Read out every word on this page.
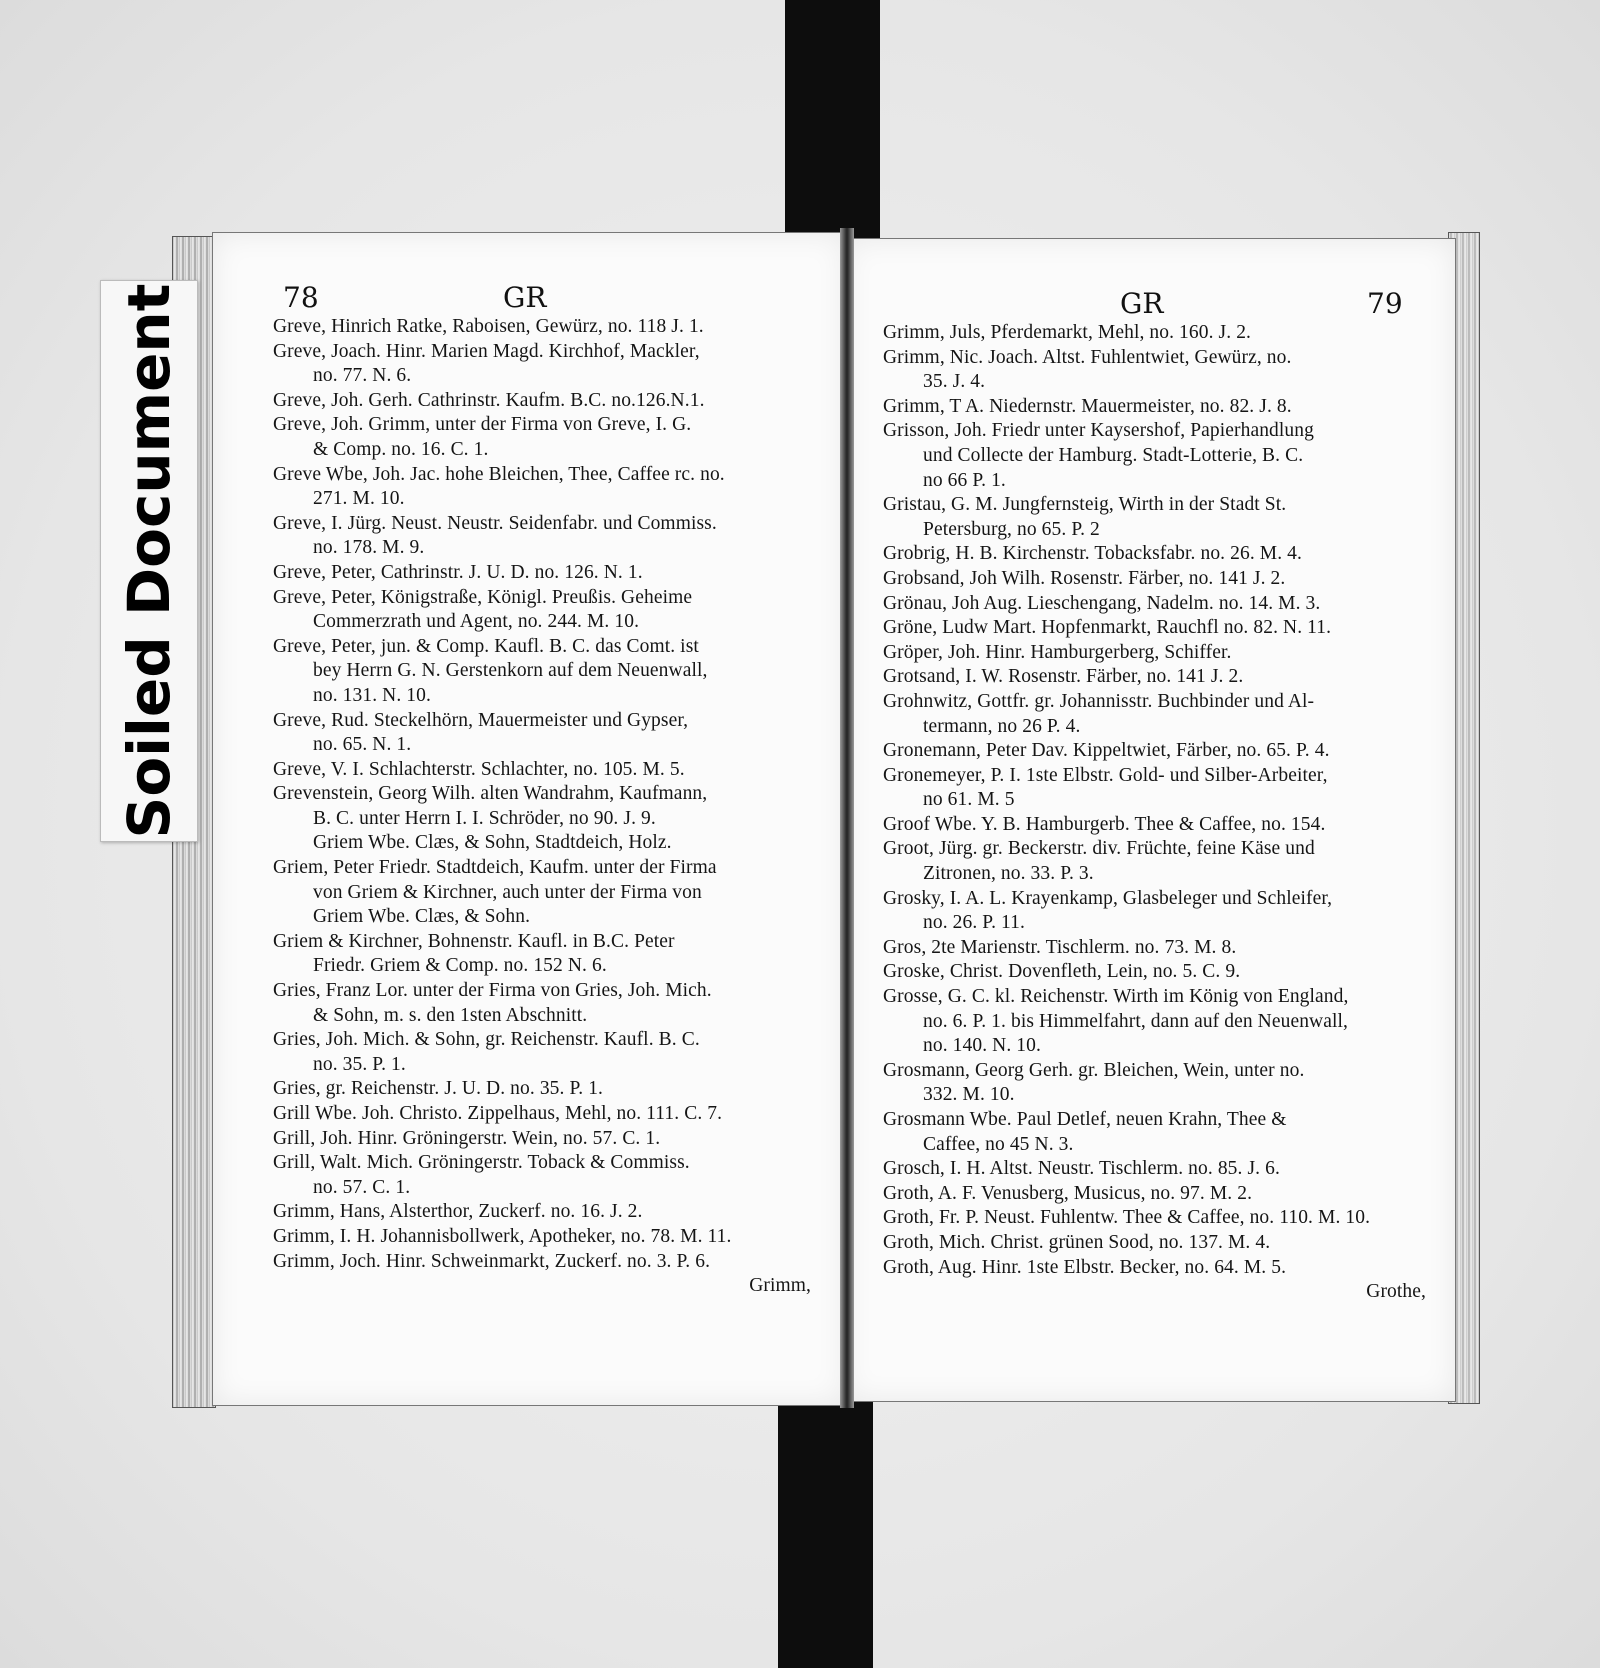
78	GR
Greve, Hinrich Ratke, Raboisen, Gewürz, no. 118 J. 1.
Greve, Joach. Hinr. Marien Magd. Kirchhof, Mackler,
no. 77. N. 6.
Greve, Joh. Gerh. Cathrinstr. Kaufm. B.C. no.126.N.1.
Greve, Joh. Grimm, unter der Firma von Greve, I. G.
& Comp. no. 16. C. 1.
Greve Wbe, Joh. Jac. hohe Bleichen, Thee, Caffee rc. no.
271. M. 10.
Greve, I. Jürg. Neust. Neustr. Seidenfabr. und Commiss.
no. 178. M. 9.
Greve, Peter, Cathrinstr. J. U. D. no. 126. N. 1.
Greve, Peter, Königstraße, Königl. Preußis. Geheime
Commerzrath und Agent, no. 244. M. 10.
Greve, Peter, jun. & Comp. Kaufl. B. C. das Comt. ist
bey Herrn G. N. Gerstenkorn auf dem Neuenwall,
no. 131. N. 10.
Greve, Rud. Steckelhörn, Mauermeister und Gypser,
no. 65. N. 1.
Greve, V. I. Schlachterstr. Schlachter, no. 105. M. 5.
Grevenstein, Georg Wilh. alten Wandrahm, Kaufmann,
B. C. unter Herrn I. I. Schröder, no 90. J. 9.
Griem Wbe. Clæs, & Sohn, Stadtdeich, Holz.
Griem, Peter Friedr. Stadtdeich, Kaufm. unter der Firma
von Griem & Kirchner, auch unter der Firma von
Griem Wbe. Clæs, & Sohn.
Griem & Kirchner, Bohnenstr. Kaufl. in B.C. Peter
Friedr. Griem & Comp. no. 152 N. 6.
Gries, Franz Lor. unter der Firma von Gries, Joh. Mich.
& Sohn, m. s. den 1sten Abschnitt.
Gries, Joh. Mich. & Sohn, gr. Reichenstr. Kaufl. B. C.
no. 35. P. 1.
Gries, gr. Reichenstr. J. U. D. no. 35. P. 1.
Grill Wbe. Joh. Christo. Zippelhaus, Mehl, no. 111. C. 7.
Grill, Joh. Hinr. Gröningerstr. Wein, no. 57. C. 1.
Grill, Walt. Mich. Gröningerstr. Toback & Commiss.
no. 57. C. 1.
Grimm, Hans, Alsterthor, Zuckerf. no. 16. J. 2.
Grimm, I. H. Johannisbollwerk, Apotheker, no. 78. M. 11.
Grimm, Joch. Hinr. Schweinmarkt, Zuckerf. no. 3. P. 6.
Grimm,
GR	79
Grimm, Juls, Pferdemarkt, Mehl, no. 160. J. 2.
Grimm, Nic. Joach. Altst. Fuhlentwiet, Gewürz, no.
35. J. 4.
Grimm, T A. Niedernstr. Mauermeister, no. 82. J. 8.
Grisson, Joh. Friedr unter Kaysershof, Papierhandlung
und Collecte der Hamburg. Stadt-Lotterie, B. C.
no 66 P. 1.
Gristau, G. M. Jungfernsteig, Wirth in der Stadt St.
Petersburg, no 65. P. 2
Grobrig, H. B. Kirchenstr. Tobacksfabr. no. 26. M. 4.
Grobsand, Joh Wilh. Rosenstr. Färber, no. 141 J. 2.
Grönau, Joh Aug. Lieschengang, Nadelm. no. 14. M. 3.
Gröne, Ludw Mart. Hopfenmarkt, Rauchfl no. 82. N. 11.
Gröper, Joh. Hinr. Hamburgerberg, Schiffer.
Grotsand, I. W. Rosenstr. Färber, no. 141 J. 2.
Grohnwitz, Gottfr. gr. Johannisstr. Buchbinder und Al-
termann, no 26 P. 4.
Gronemann, Peter Dav. Kippeltwiet, Färber, no. 65. P. 4.
Gronemeyer, P. I. 1ste Elbstr. Gold- und Silber-Arbeiter,
no 61. M. 5
Groof Wbe. Y. B. Hamburgerb. Thee & Caffee, no. 154.
Groot, Jürg. gr. Beckerstr. div. Früchte, feine Käse und
Zitronen, no. 33. P. 3.
Grosky, I. A. L. Krayenkamp, Glasbeleger und Schleifer,
no. 26. P. 11.
Gros, 2te Marienstr. Tischlerm. no. 73. M. 8.
Groske, Christ. Dovenfleth, Lein, no. 5. C. 9.
Grosse, G. C. kl. Reichenstr. Wirth im König von England,
no. 6. P. 1. bis Himmelfahrt, dann auf den Neuenwall,
no. 140. N. 10.
Grosmann, Georg Gerh. gr. Bleichen, Wein, unter no.
332. M. 10.
Grosmann Wbe. Paul Detlef, neuen Krahn, Thee &
Caffee, no 45 N. 3.
Grosch, I. H. Altst. Neustr. Tischlerm. no. 85. J. 6.
Groth, A. F. Venusberg, Musicus, no. 97. M. 2.
Groth, Fr. P. Neust. Fuhlentw. Thee & Caffee, no. 110. M. 10.
Groth, Mich. Christ. grünen Sood, no. 137. M. 4.
Groth, Aug. Hinr. 1ste Elbstr. Becker, no. 64. M. 5.
Grothe,
Soiled Document
